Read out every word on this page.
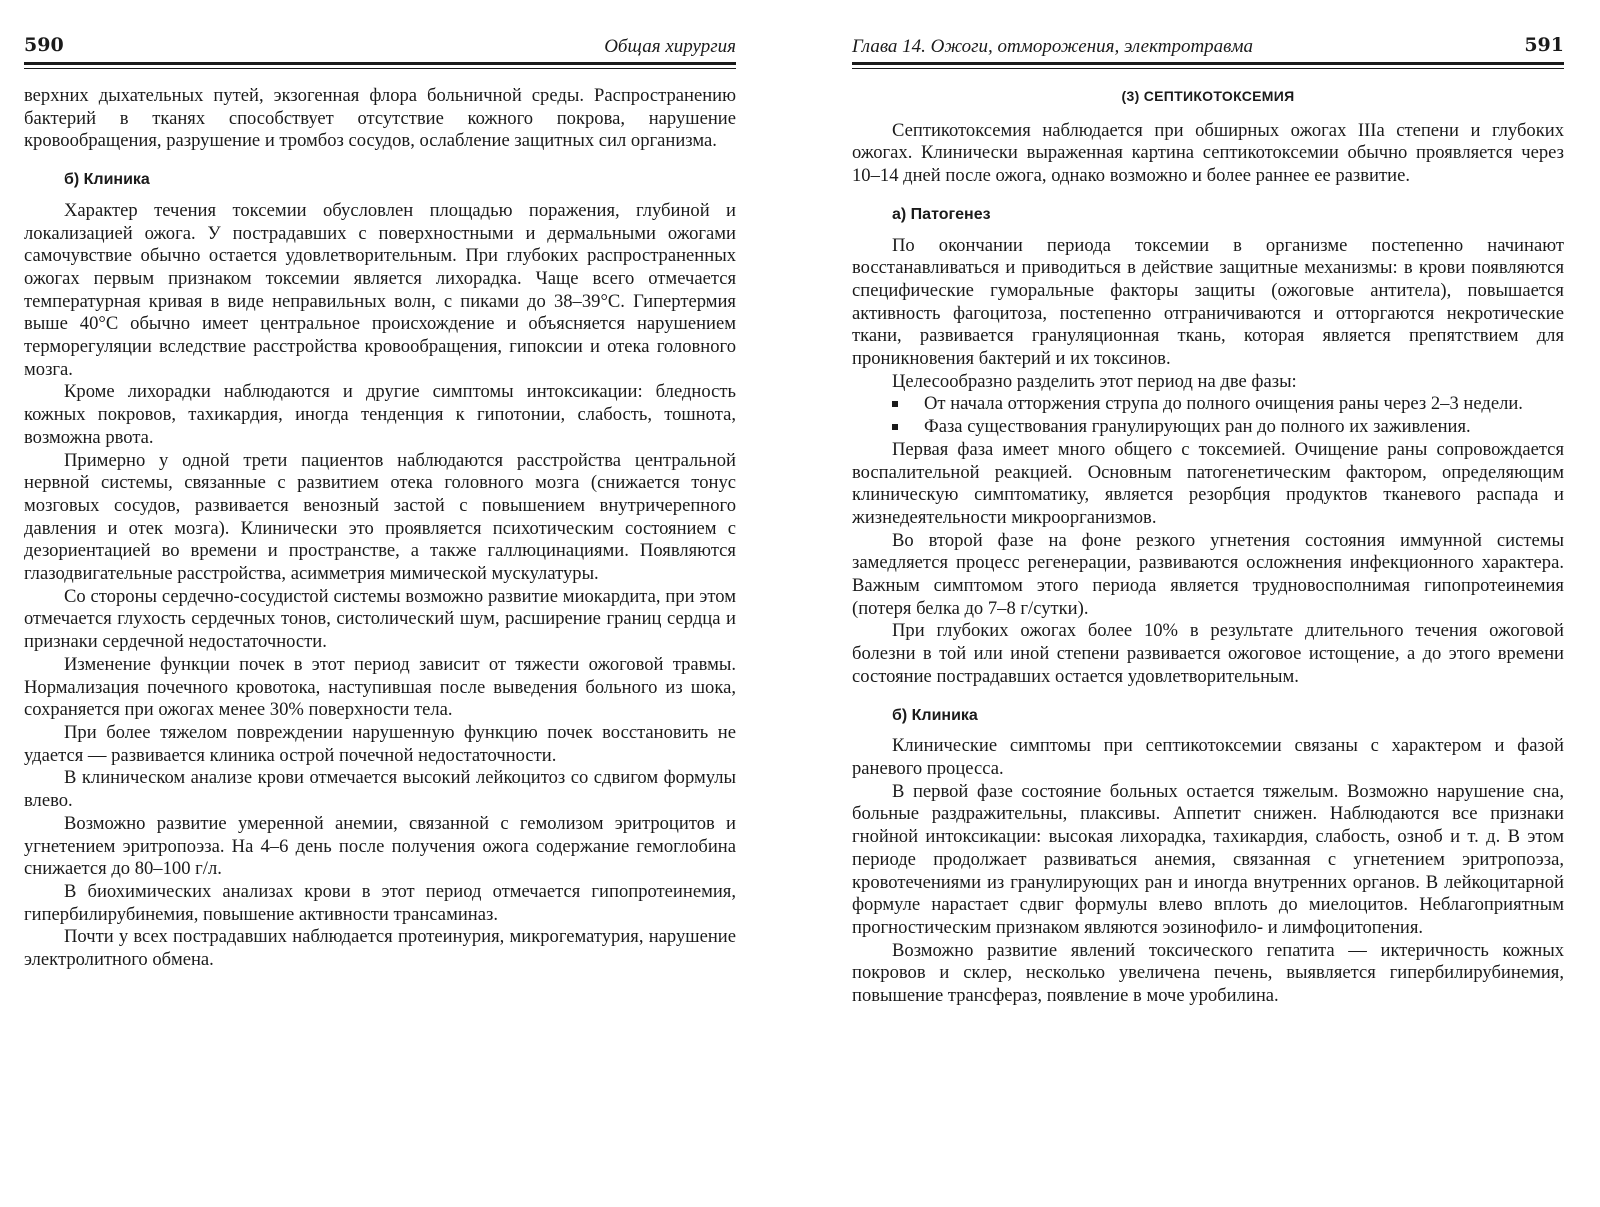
590	Общая хирургия

верхних дыхательных путей, экзогенная флора больничной среды. Распространению бактерий в тканях способствует отсутствие кожного покрова, нарушение кровообращения, разрушение и тромбоз сосудов, ослабление защитных сил организма.

б) Клиника

Характер течения токсемии обусловлен площадью поражения, глубиной и локализацией ожога. У пострадавших с поверхностными и дермальными ожогами самочувствие обычно остается удовлетворительным. При глубоких распространенных ожогах первым признаком токсемии является лихорадка. Чаще всего отмечается температурная кривая в виде неправильных волн, с пиками до 38–39°С. Гипертермия выше 40°С обычно имеет центральное происхождение и объясняется нарушением терморегуляции вследствие расстройства кровообращения, гипоксии и отека головного мозга.

Кроме лихорадки наблюдаются и другие симптомы интоксикации: бледность кожных покровов, тахикардия, иногда тенденция к гипотонии, слабость, тошнота, возможна рвота.

Примерно у одной трети пациентов наблюдаются расстройства центральной нервной системы, связанные с развитием отека головного мозга (снижается тонус мозговых сосудов, развивается венозный застой с повышением внутричерепного давления и отек мозга). Клинически это проявляется психотическим состоянием с дезориентацией во времени и пространстве, а также галлюцинациями. Появляются глазодвигательные расстройства, асимметрия мимической мускулатуры.

Со стороны сердечно-сосудистой системы возможно развитие миокардита, при этом отмечается глухость сердечных тонов, систолический шум, расширение границ сердца и признаки сердечной недостаточности.

Изменение функции почек в этот период зависит от тяжести ожоговой травмы. Нормализация почечного кровотока, наступившая после выведения больного из шока, сохраняется при ожогах менее 30% поверхности тела.

При более тяжелом повреждении нарушенную функцию почек восстановить не удается — развивается клиника острой почечной недостаточности.

В клиническом анализе крови отмечается высокий лейкоцитоз со сдвигом формулы влево.

Возможно развитие умеренной анемии, связанной с гемолизом эритроцитов и угнетением эритропоэза. На 4–6 день после получения ожога содержание гемоглобина снижается до 80–100 г/л.

В биохимических анализах крови в этот период отмечается гипопротеинемия, гипербилирубинемия, повышение активности трансаминаз.

Почти у всех пострадавших наблюдается протеинурия, микрогематурия, нарушение электролитного обмена.

Глава 14. Ожоги, отморожения, электротравма	591
(3) СЕПТИКОТОКСЕМИЯ

Септикотоксемия наблюдается при обширных ожогах IIIа степени и глубоких ожогах. Клинически выраженная картина септикотоксемии обычно проявляется через 10–14 дней после ожога, однако возможно и более раннее ее развитие.

а) Патогенез

По окончании периода токсемии в организме постепенно начинают восстанавливаться и приводиться в действие защитные механизмы: в крови появляются специфические гуморальные факторы защиты (ожоговые антитела), повышается активность фагоцитоза, постепенно отграничиваются и отторгаются некротические ткани, развивается грануляционная ткань, которая является препятствием для проникновения бактерий и их токсинов.

Целесообразно разделить этот период на две фазы:

От начала отторжения струпа до полного очищения раны через 2–3 недели.
Фаза существования гранулирующих ран до полного их заживления.

Первая фаза имеет много общего с токсемией. Очищение раны сопровождается воспалительной реакцией. Основным патогенетическим фактором, определяющим клиническую симптоматику, является резорбция продуктов тканевого распада и жизнедеятельности микроорганизмов.

Во второй фазе на фоне резкого угнетения состояния иммунной системы замедляется процесс регенерации, развиваются осложнения инфекционного характера. Важным симптомом этого периода является трудновосполнимая гипопротеинемия (потеря белка до 7–8 г/сутки).

При глубоких ожогах более 10% в результате длительного течения ожоговой болезни в той или иной степени развивается ожоговое истощение, а до этого времени состояние пострадавших остается удовлетворительным.

б) Клиника

Клинические симптомы при септикотоксемии связаны с характером и фазой раневого процесса.

В первой фазе состояние больных остается тяжелым. Возможно нарушение сна, больные раздражительны, плаксивы. Аппетит снижен. Наблюдаются все признаки гнойной интоксикации: высокая лихорадка, тахикардия, слабость, озноб и т. д. В этом периоде продолжает развиваться анемия, связанная с угнетением эритропоэза, кровотечениями из гранулирующих ран и иногда внутренних органов. В лейкоцитарной формуле нарастает сдвиг формулы влево вплоть до миелоцитов. Неблагоприятным прогностическим признаком являются эозинофило- и лимфоцитопения.

Возможно развитие явлений токсического гепатита — иктеричность кожных покровов и склер, несколько увеличена печень, выявляется гипербилирубинемия, повышение трансфераз, появление в моче уробилина.
